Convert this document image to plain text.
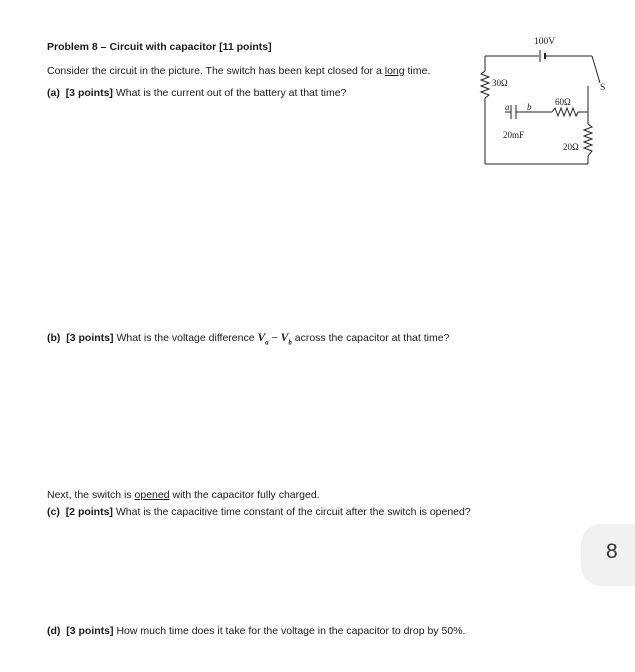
Problem 8 – Circuit with capacitor [11 points]
Consider the circuit in the picture. The switch has been kept closed for a long time.
(a) [3 points] What is the current out of the battery at that time?
(b) [3 points] What is the voltage difference $V_a - V_b$ across the capacitor at that time?
Next, the switch is opened with the capacitor fully charged.
(c) [2 points] What is the capacitive time constant of the circuit after the switch is opened?
(d) [3 points] How much time does it take for the voltage in the capacitor to drop by 50%.
100V
S
30Ω
60Ω
20Ω
20mF
a b
8
